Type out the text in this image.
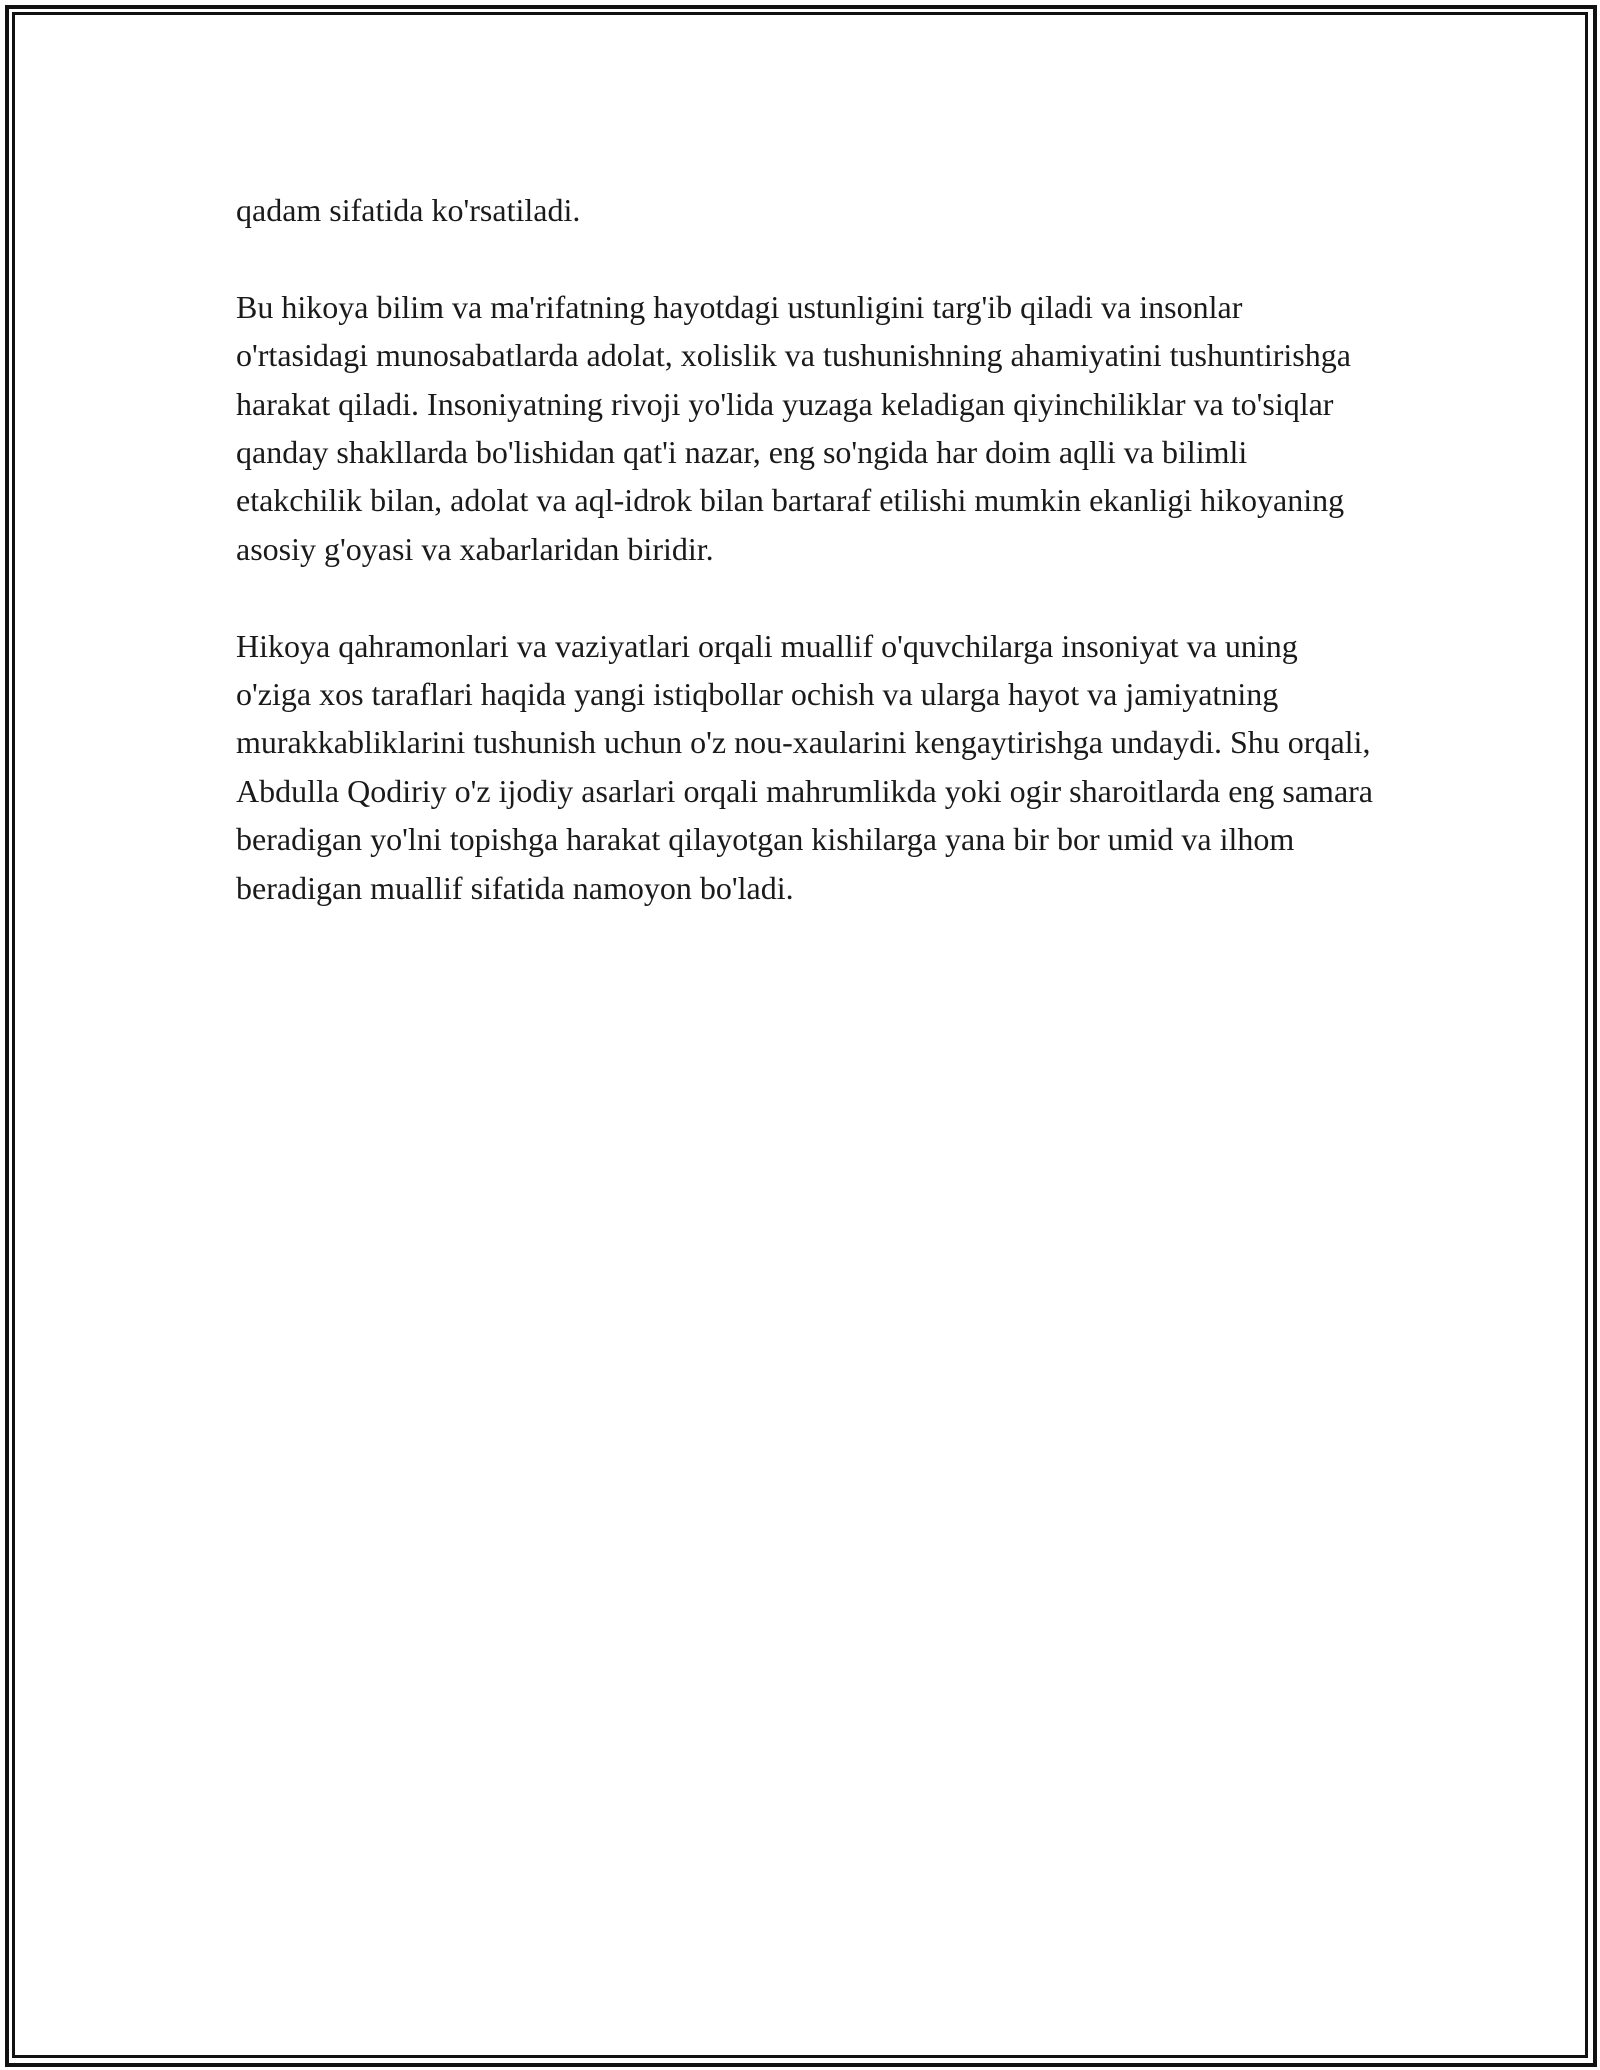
qadam sifatida ko'rsatiladi.

Bu hikoya bilim va ma'rifatning hayotdagi ustunligini targ'ib qiladi va insonlar o'rtasidagi munosabatlarda adolat, xolislik va tushunishning ahamiyatini tushuntirishga harakat qiladi. Insoniyatning rivoji yo'lida yuzaga keladigan qiyinchiliklar va to'siqlar qanday shakllarda bo'lishidan qat'i nazar, eng so'ngida har doim aqlli va bilimli etakchilik bilan, adolat va aql-idrok bilan bartaraf etilishi mumkin ekanligi hikoyaning asosiy g'oyasi va xabarlaridan biridir.

Hikoya qahramonlari va vaziyatlari orqali muallif o'quvchilarga insoniyat va uning o'ziga xos taraflari haqida yangi istiqbollar ochish va ularga hayot va jamiyatning murakkabliklarini tushunish uchun o'z nou-xaularini kengaytirishga undaydi. Shu orqali, Abdulla Qodiriy o'z ijodiy asarlari orqali mahrumlikda yoki ogir sharoitlarda eng samara beradigan yo'lni topishga harakat qilayotgan kishilarga yana bir bor umid va ilhom beradigan muallif sifatida namoyon bo'ladi.
